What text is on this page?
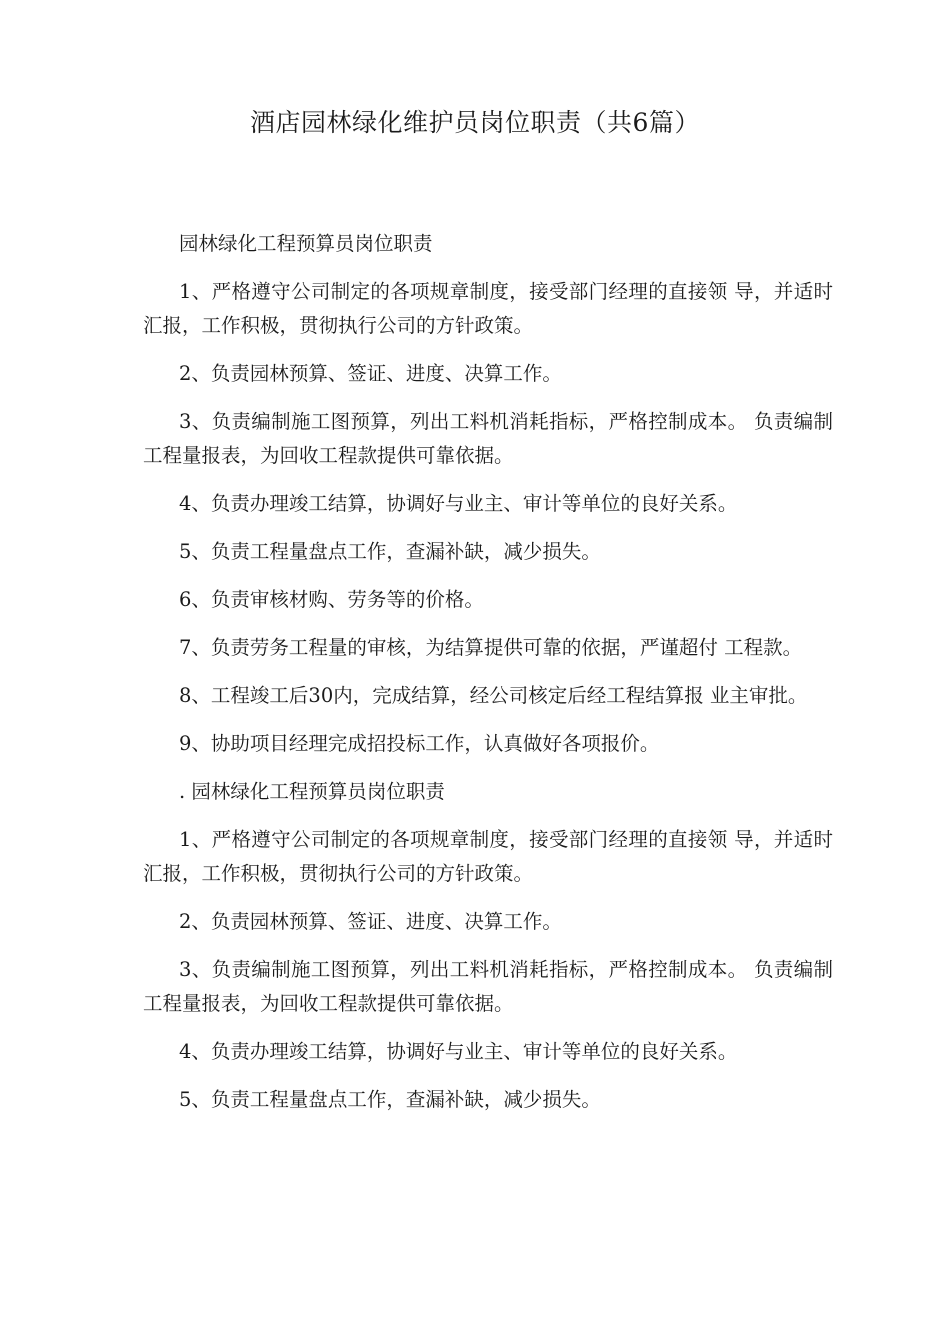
酒店园林绿化维护员岗位职责（共6篇）

园林绿化工程预算员岗位职责

1、严格遵守公司制定的各项规章制度，接受部门经理的直接领 导，并适时汇报，工作积极，贯彻执行公司的方针政策。

2、负责园林预算、签证、进度、决算工作。

3、负责编制施工图预算，列出工料机消耗指标，严格控制成本。 负责编制工程量报表，为回收工程款提供可靠依据。

4、负责办理竣工结算，协调好与业主、审计等单位的良好关系。

5、负责工程量盘点工作，查漏补缺，减少损失。

6、负责审核材购、劳务等的价格。

7、负责劳务工程量的审核，为结算提供可靠的依据，严谨超付 工程款。

8、工程竣工后30内，完成结算，经公司核定后经工程结算报 业主审批。

9、协助项目经理完成招投标工作，认真做好各项报价。

. 园林绿化工程预算员岗位职责

1、严格遵守公司制定的各项规章制度，接受部门经理的直接领 导，并适时汇报，工作积极，贯彻执行公司的方针政策。

2、负责园林预算、签证、进度、决算工作。

3、负责编制施工图预算，列出工料机消耗指标，严格控制成本。 负责编制工程量报表，为回收工程款提供可靠依据。

4、负责办理竣工结算，协调好与业主、审计等单位的良好关系。

5、负责工程量盘点工作，查漏补缺，减少损失。
